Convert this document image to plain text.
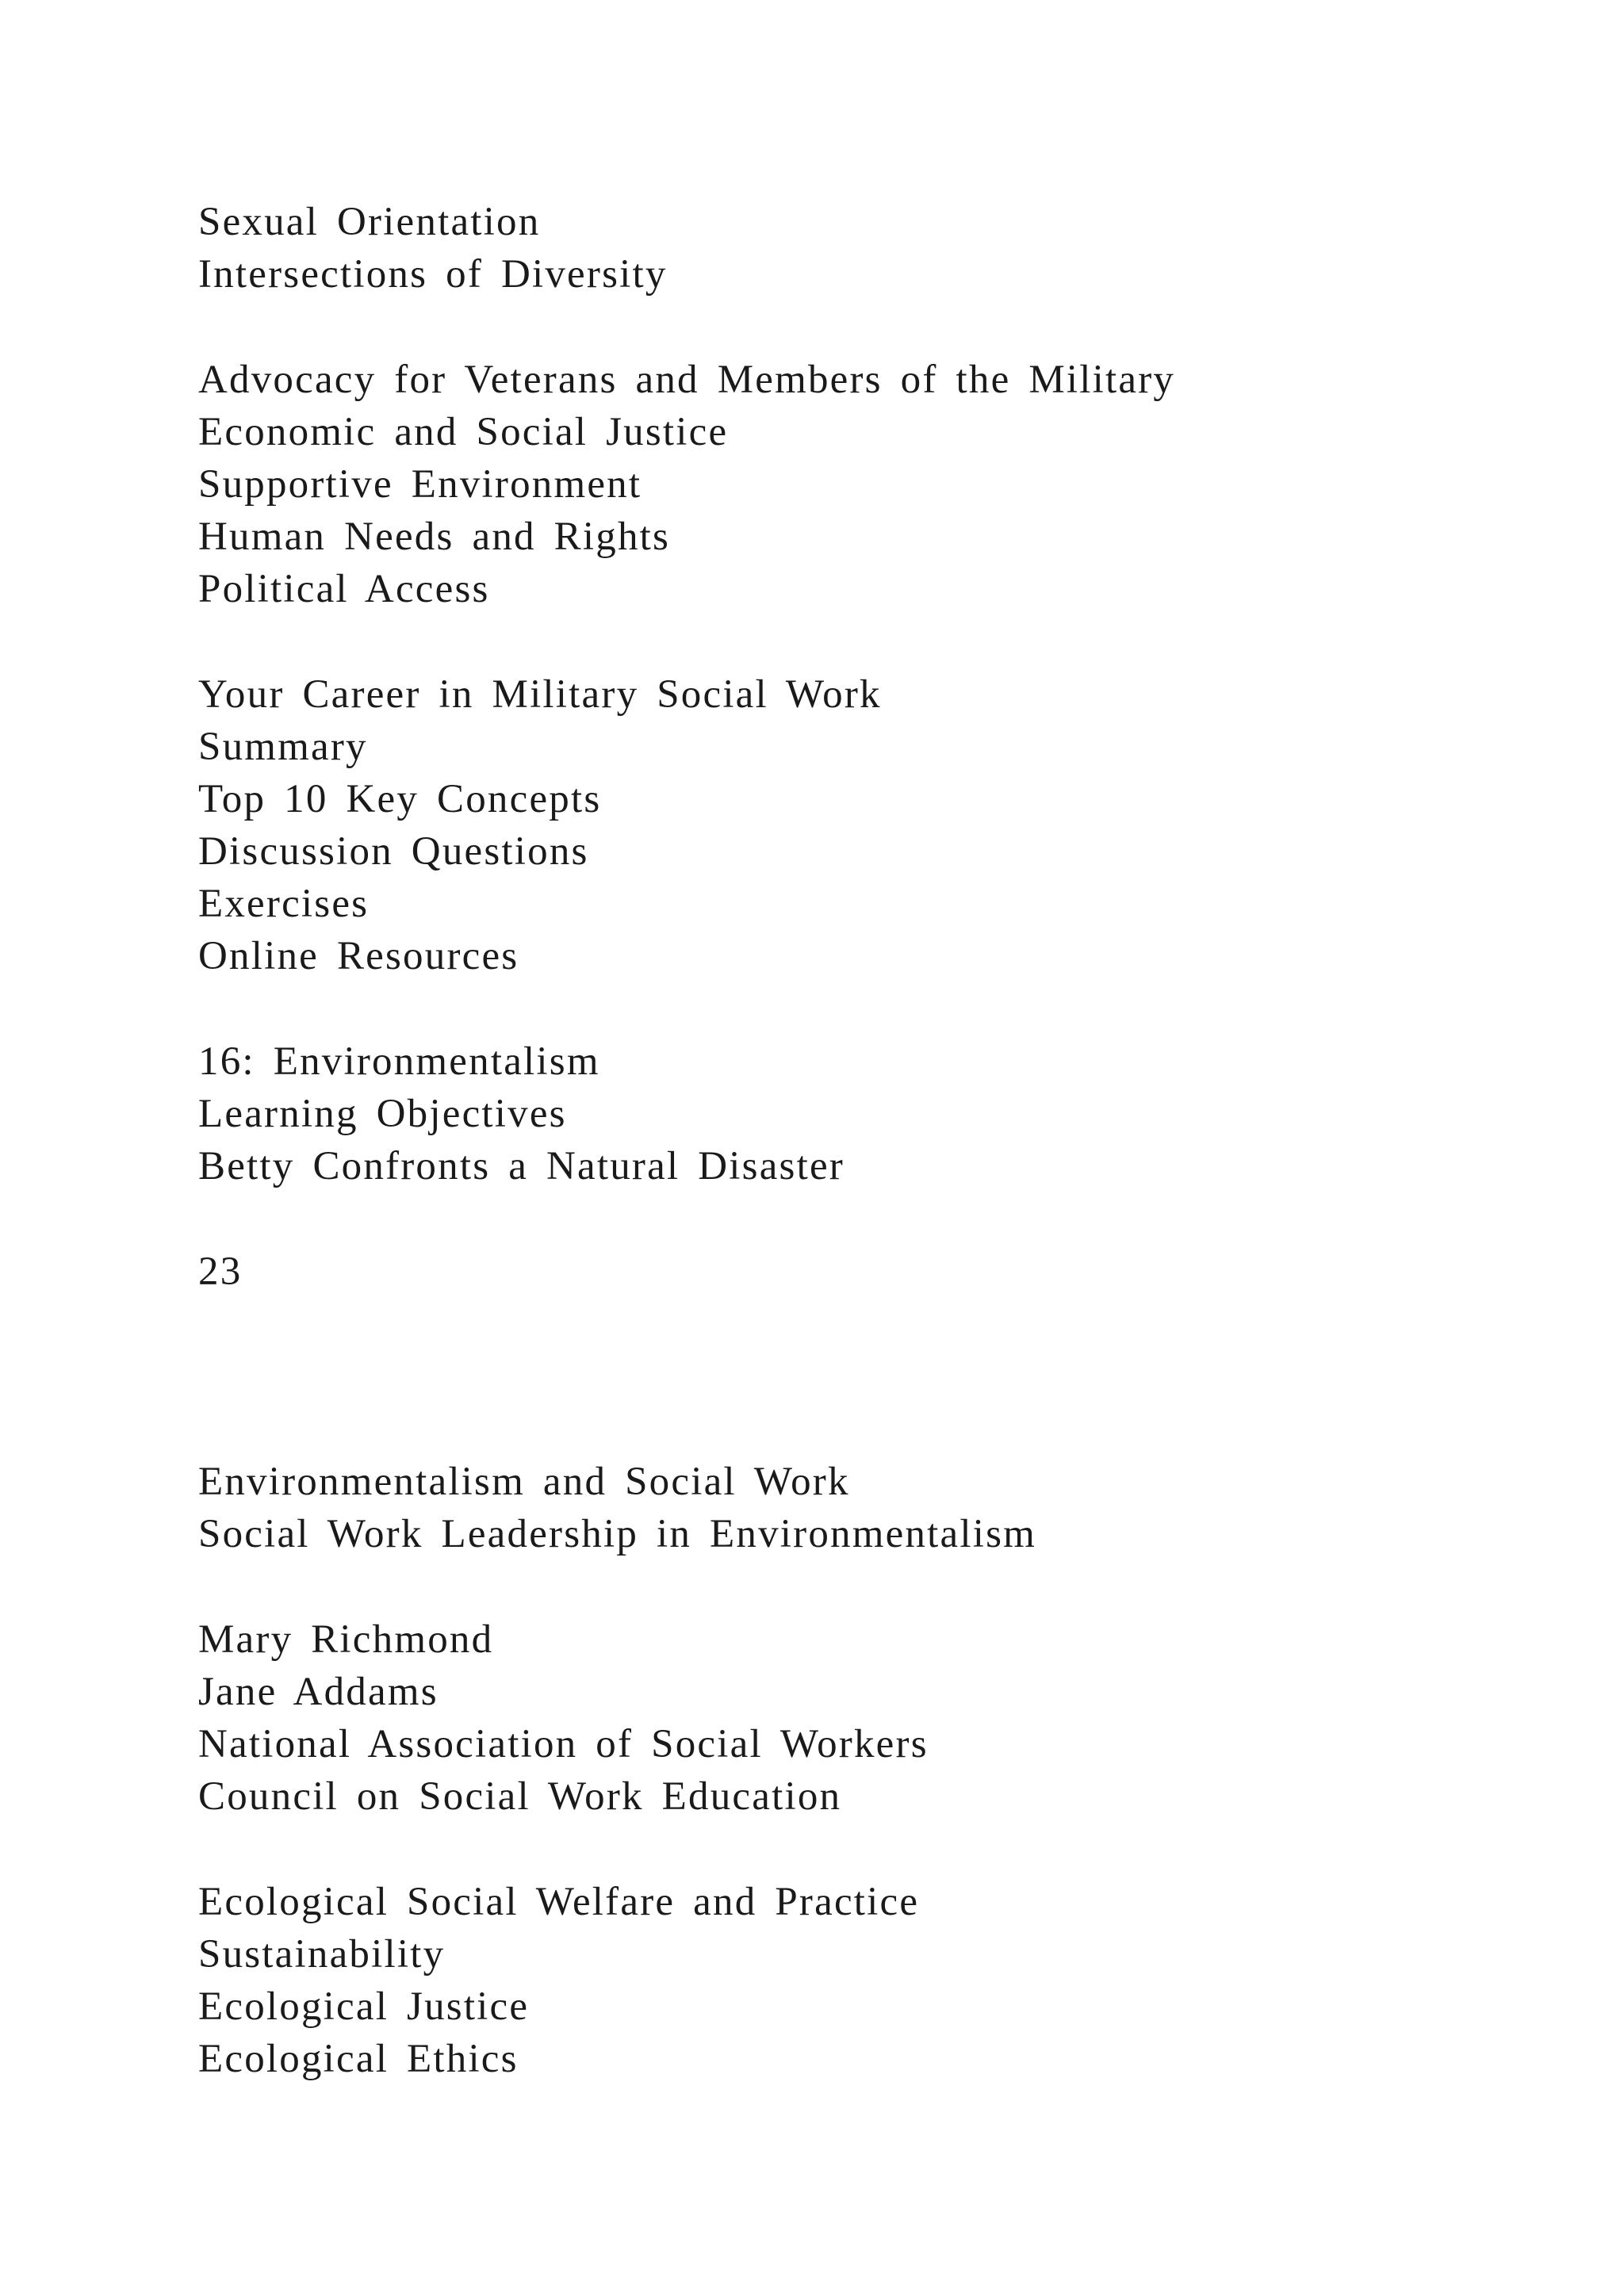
Sexual Orientation

Intersections of Diversity

Advocacy for Veterans and Members of the Military

Economic and Social Justice

Supportive Environment

Human Needs and Rights

Political Access

Your Career in Military Social Work

Summary

Top 10 Key Concepts

Discussion Questions

Exercises

Online Resources

16: Environmentalism

Learning Objectives

Betty Confronts a Natural Disaster

23

Environmentalism and Social Work

Social Work Leadership in Environmentalism

Mary Richmond

Jane Addams

National Association of Social Workers

Council on Social Work Education

Ecological Social Welfare and Practice

Sustainability

Ecological Justice

Ecological Ethics
